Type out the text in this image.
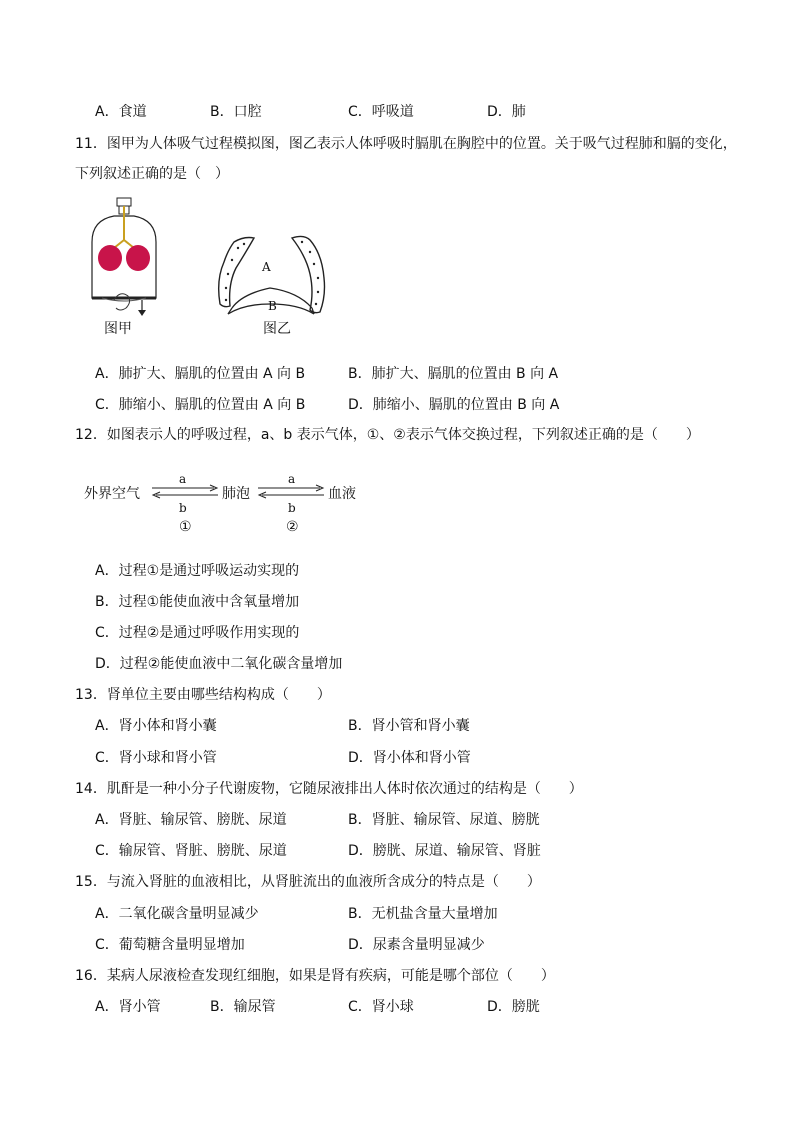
A．食道	B．口腔	C．呼吸道	D．肺
11．图甲为人体吸气过程模拟图，图乙表示人体呼吸时膈肌在胸腔中的位置。关于吸气过程肺和膈的变化，
下列叙述正确的是（　）
图甲
A
B
图乙
A．肺扩大、膈肌的位置由 A 向 B	B．肺扩大、膈肌的位置由 B 向 A
C．肺缩小、膈肌的位置由 A 向 B	D．肺缩小、膈肌的位置由 B 向 A
12．如图表示人的呼吸过程，a、b 表示气体，①、②表示气体交换过程，下列叙述正确的是（　　）
外界空气	肺泡	血液
a
b
a
b
①	②
A．过程①是通过呼吸运动实现的
B．过程①能使血液中含氧量增加
C．过程②是通过呼吸作用实现的
D．过程②能使血液中二氧化碳含量增加
13．肾单位主要由哪些结构构成（　　）
A．肾小体和肾小囊	B．肾小管和肾小囊
C．肾小球和肾小管	D．肾小体和肾小管
14．肌酐是一种小分子代谢废物，它随尿液排出人体时依次通过的结构是（　　）
A．肾脏、输尿管、膀胱、尿道	B．肾脏、输尿管、尿道、膀胱
C．输尿管、肾脏、膀胱、尿道	D．膀胱、尿道、输尿管、肾脏
15．与流入肾脏的血液相比，从肾脏流出的血液所含成分的特点是（　　）
A．二氧化碳含量明显减少	B．无机盐含量大量增加
C．葡萄糖含量明显增加	D．尿素含量明显减少
16．某病人尿液检查发现红细胞，如果是肾有疾病，可能是哪个部位（　　）
A．肾小管	B．输尿管	C．肾小球	D．膀胱
